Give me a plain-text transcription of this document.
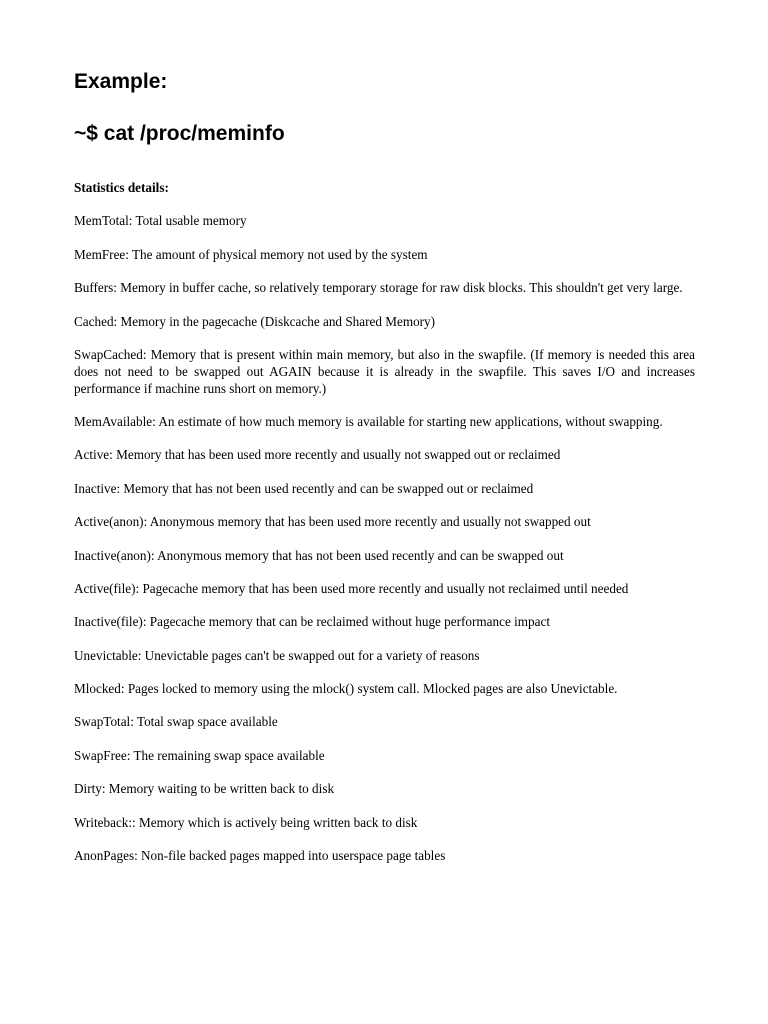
Example:
~$ cat /proc/meminfo

Statistics details:

MemTotal: Total usable memory

MemFree: The amount of physical memory not used by the system

Buffers: Memory in buffer cache, so relatively temporary storage for raw disk blocks. This shouldn't get very large.

Cached: Memory in the pagecache (Diskcache and Shared Memory)

SwapCached: Memory that is present within main memory, but also in the swapfile. (If memory is needed this area does not need to be swapped out AGAIN because it is already in the swapfile. This saves I/O and increases performance if machine runs short on memory.)

MemAvailable: An estimate of how much memory is available for starting new applications, without swapping.

Active: Memory that has been used more recently and usually not swapped out or reclaimed

Inactive: Memory that has not been used recently and can be swapped out or reclaimed

Active(anon): Anonymous memory that has been used more recently and usually not swapped out

Inactive(anon): Anonymous memory that has not been used recently and can be swapped out

Active(file): Pagecache memory that has been used more recently and usually not reclaimed until needed

Inactive(file): Pagecache memory that can be reclaimed without huge performance impact

Unevictable: Unevictable pages can't be swapped out for a variety of reasons

Mlocked: Pages locked to memory using the mlock() system call. Mlocked pages are also Unevictable.

SwapTotal: Total swap space available

SwapFree: The remaining swap space available

Dirty: Memory waiting to be written back to disk

Writeback:: Memory which is actively being written back to disk

AnonPages: Non-file backed pages mapped into userspace page tables
